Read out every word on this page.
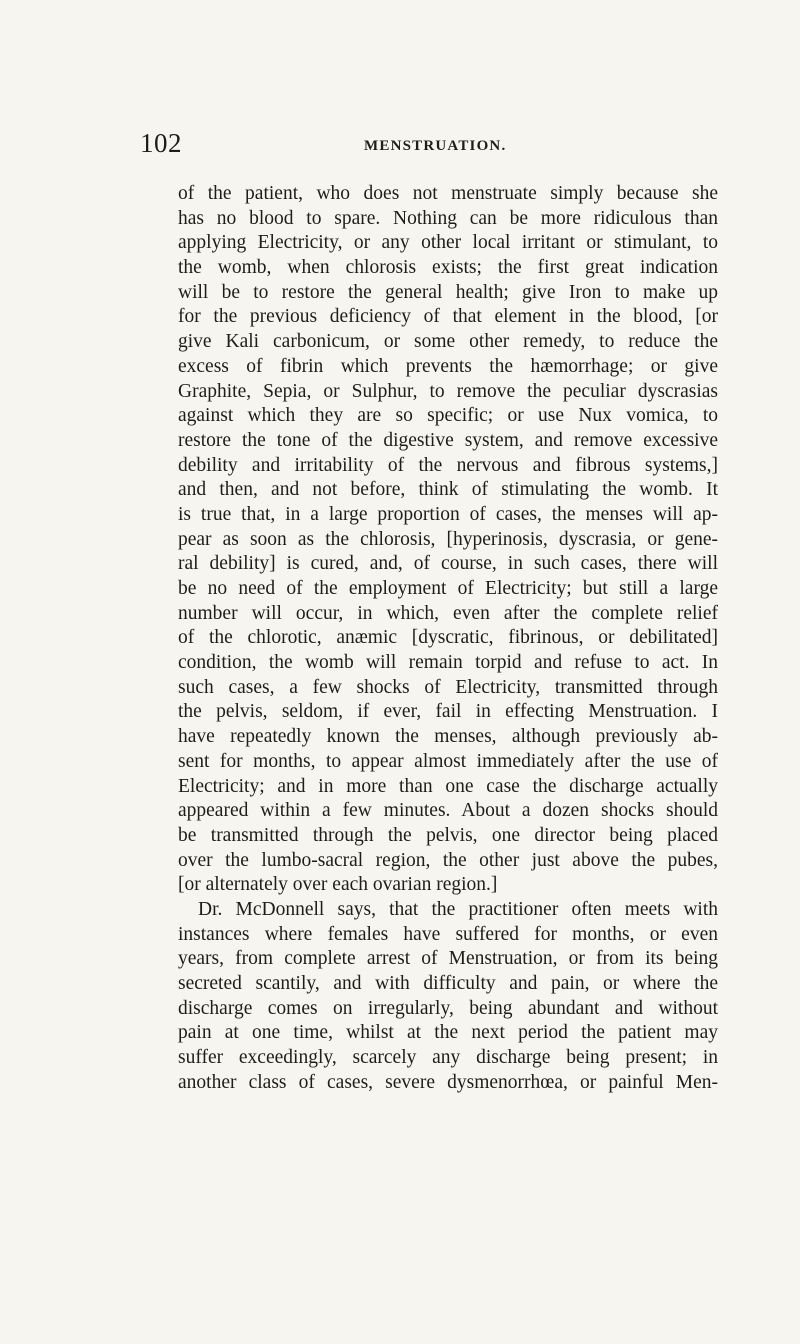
102	MENSTRUATION.
of the patient, who does not menstruate simply because she
has no blood to spare. Nothing can be more ridiculous than
applying Electricity, or any other local irritant or stimulant, to
the womb, when chlorosis exists; the first great indication
will be to restore the general health; give Iron to make up
for the previous deficiency of that element in the blood, [or
give Kali carbonicum, or some other remedy, to reduce the
excess of fibrin which prevents the hæmorrhage; or give
Graphite, Sepia, or Sulphur, to remove the peculiar dyscrasias
against which they are so specific; or use Nux vomica, to
restore the tone of the digestive system, and remove excessive
debility and irritability of the nervous and fibrous systems,]
and then, and not before, think of stimulating the womb. It
is true that, in a large proportion of cases, the menses will ap-
pear as soon as the chlorosis, [hyperinosis, dyscrasia, or gene-
ral debility] is cured, and, of course, in such cases, there will
be no need of the employment of Electricity; but still a large
number will occur, in which, even after the complete relief
of the chlorotic, anæmic [dyscratic, fibrinous, or debilitated]
condition, the womb will remain torpid and refuse to act. In
such cases, a few shocks of Electricity, transmitted through
the pelvis, seldom, if ever, fail in effecting Menstruation. I
have repeatedly known the menses, although previously ab-
sent for months, to appear almost immediately after the use of
Electricity; and in more than one case the discharge actually
appeared within a few minutes. About a dozen shocks should
be transmitted through the pelvis, one director being placed
over the lumbo-sacral region, the other just above the pubes,
[or alternately over each ovarian region.]
Dr. McDonnell says, that the practitioner often meets with
instances where females have suffered for months, or even
years, from complete arrest of Menstruation, or from its being
secreted scantily, and with difficulty and pain, or where the
discharge comes on irregularly, being abundant and without
pain at one time, whilst at the next period the patient may
suffer exceedingly, scarcely any discharge being present; in
another class of cases, severe dysmenorrhœa, or painful Men-
